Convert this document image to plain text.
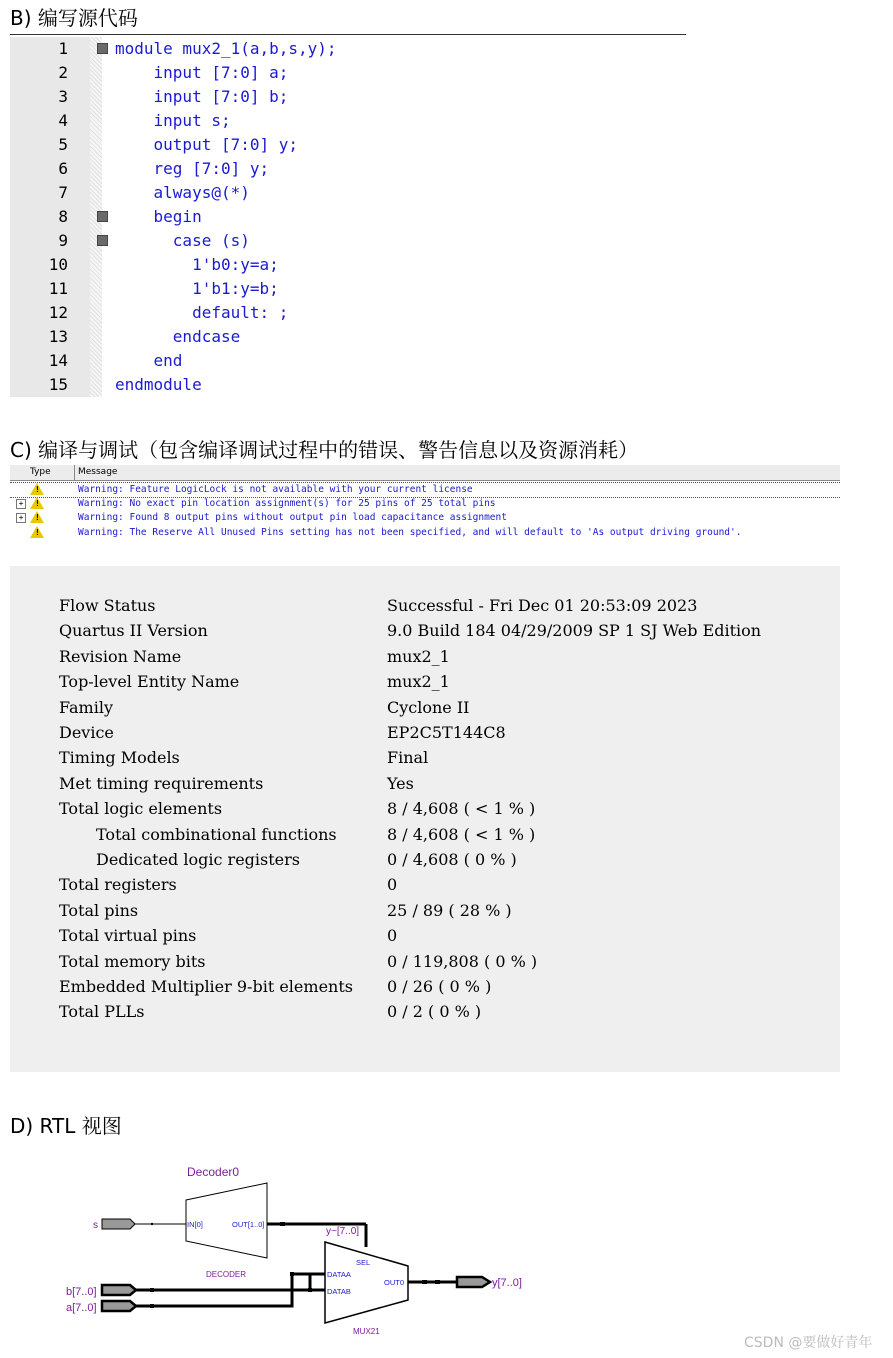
B) 编写源代码
1	module mux2_1(a,b,s,y);
2	input [7:0] a;
3	input [7:0] b;
4	input s;
5	output [7:0] y;
6	reg [7:0] y;
7	always@(*)
8	begin
9	case (s)
10	1'b0:y=a;
11	1'b1:y=b;
12	default: ;
13	endcase
14	end
15	endmodule
C) 编译与调试（包含编译调试过程中的错误、警告信息以及资源消耗）
Type	Message
!	Warning: Feature LogicLock is not available with your current license
+	!	Warning: No exact pin location assignment(s) for 25 pins of 25 total pins
+	!	Warning: Found 8 output pins without output pin load capacitance assignment
!	Warning: The Reserve All Unused Pins setting has not been specified, and will default to 'As output driving ground'.
Flow Status	Successful - Fri Dec 01 20:53:09 2023
Quartus II Version	9.0 Build 184 04/29/2009 SP 1 SJ Web Edition
Revision Name	mux2_1
Top-level Entity Name	mux2_1
Family	Cyclone II
Device	EP2C5T144C8
Timing Models	Final
Met timing requirements	Yes
Total logic elements	8 / 4,608 ( < 1 % )
Total combinational functions	8 / 4,608 ( < 1 % )
Dedicated logic registers	0 / 4,608 ( 0 % )
Total registers	0
Total pins	25 / 89 ( 28 % )
Total virtual pins	0
Total memory bits	0 / 119,808 ( 0 % )
Embedded Multiplier 9-bit elements 0 / 26 ( 0 % )
Total PLLs	0 / 2 ( 0 % )
D) RTL 视图
Decoder0
IN[0]	OUT[1..0]
DECODER
s
y~[7..0]
SEL
DATAA
DATAB
OUT0
MUX21
b[7..0]
a[7..0]
y[7..0]
CSDN @要做好青年
